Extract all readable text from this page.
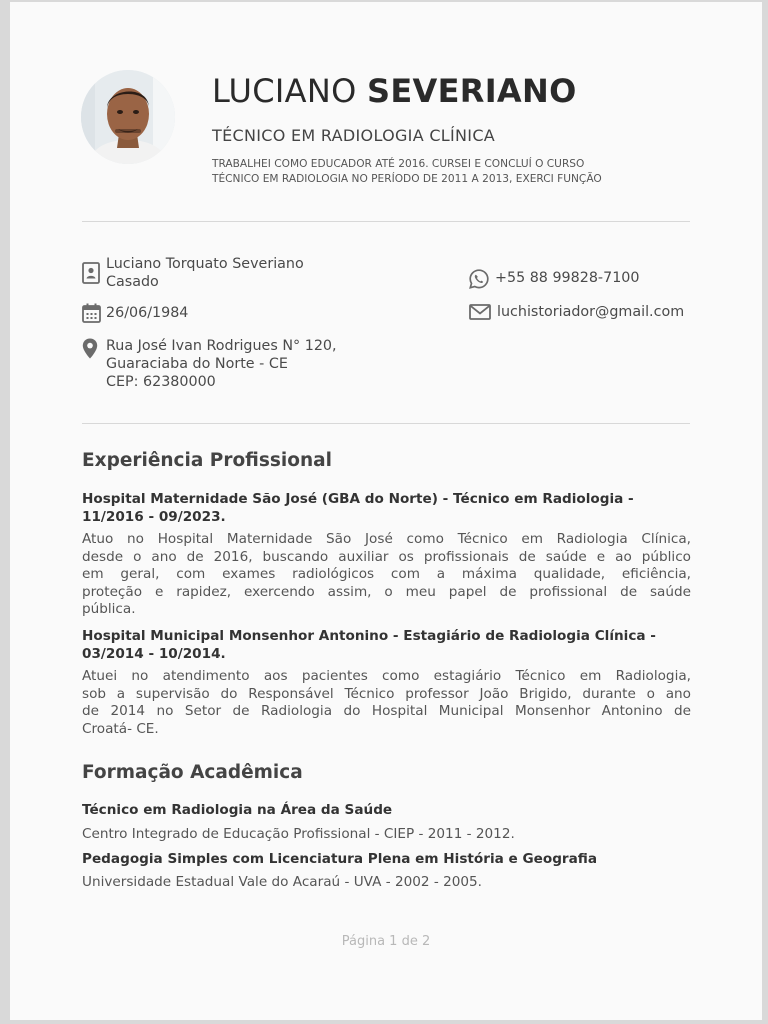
LUCIANO SEVERIANO
TÉCNICO EM RADIOLOGIA CLÍNICA
TRABALHEI COMO EDUCADOR ATÉ 2016. CURSEI E CONCLUÍ O CURSO
TÉCNICO EM RADIOLOGIA NO PERÍODO DE 2011 A 2013, EXERCI FUNÇÃO
Luciano Torquato Severiano
Casado
26/06/1984
Rua José Ivan Rodrigues N° 120,
Guaraciaba do Norte - CE
CEP: 62380000
+55 88 99828-7100
luchistoriador@gmail.com
Experiência Profissional
Hospital Maternidade São José (GBA do Norte) - Técnico em Radiologia -
11/2016 - 09/2023.
Atuo no Hospital Maternidade São José como Técnico em Radiologia Clínica,
desde o ano de 2016, buscando auxiliar os profissionais de saúde e ao público
em geral, com exames radiológicos com a máxima qualidade, eficiência,
proteção e rapidez, exercendo assim, o meu papel de profissional de saúde
pública.
Hospital Municipal Monsenhor Antonino - Estagiário de Radiologia Clínica -
03/2014 - 10/2014.
Atuei no atendimento aos pacientes como estagiário Técnico em Radiologia,
sob a supervisão do Responsável Técnico professor João Brigido, durante o ano
de 2014 no Setor de Radiologia do Hospital Municipal Monsenhor Antonino de
Croatá- CE.
Formação Acadêmica
Técnico em Radiologia na Área da Saúde
Centro Integrado de Educação Profissional - CIEP - 2011 - 2012.
Pedagogia Simples com Licenciatura Plena em História e Geografia
Universidade Estadual Vale do Acaraú - UVA - 2002 - 2005.
Página 1 de 2
